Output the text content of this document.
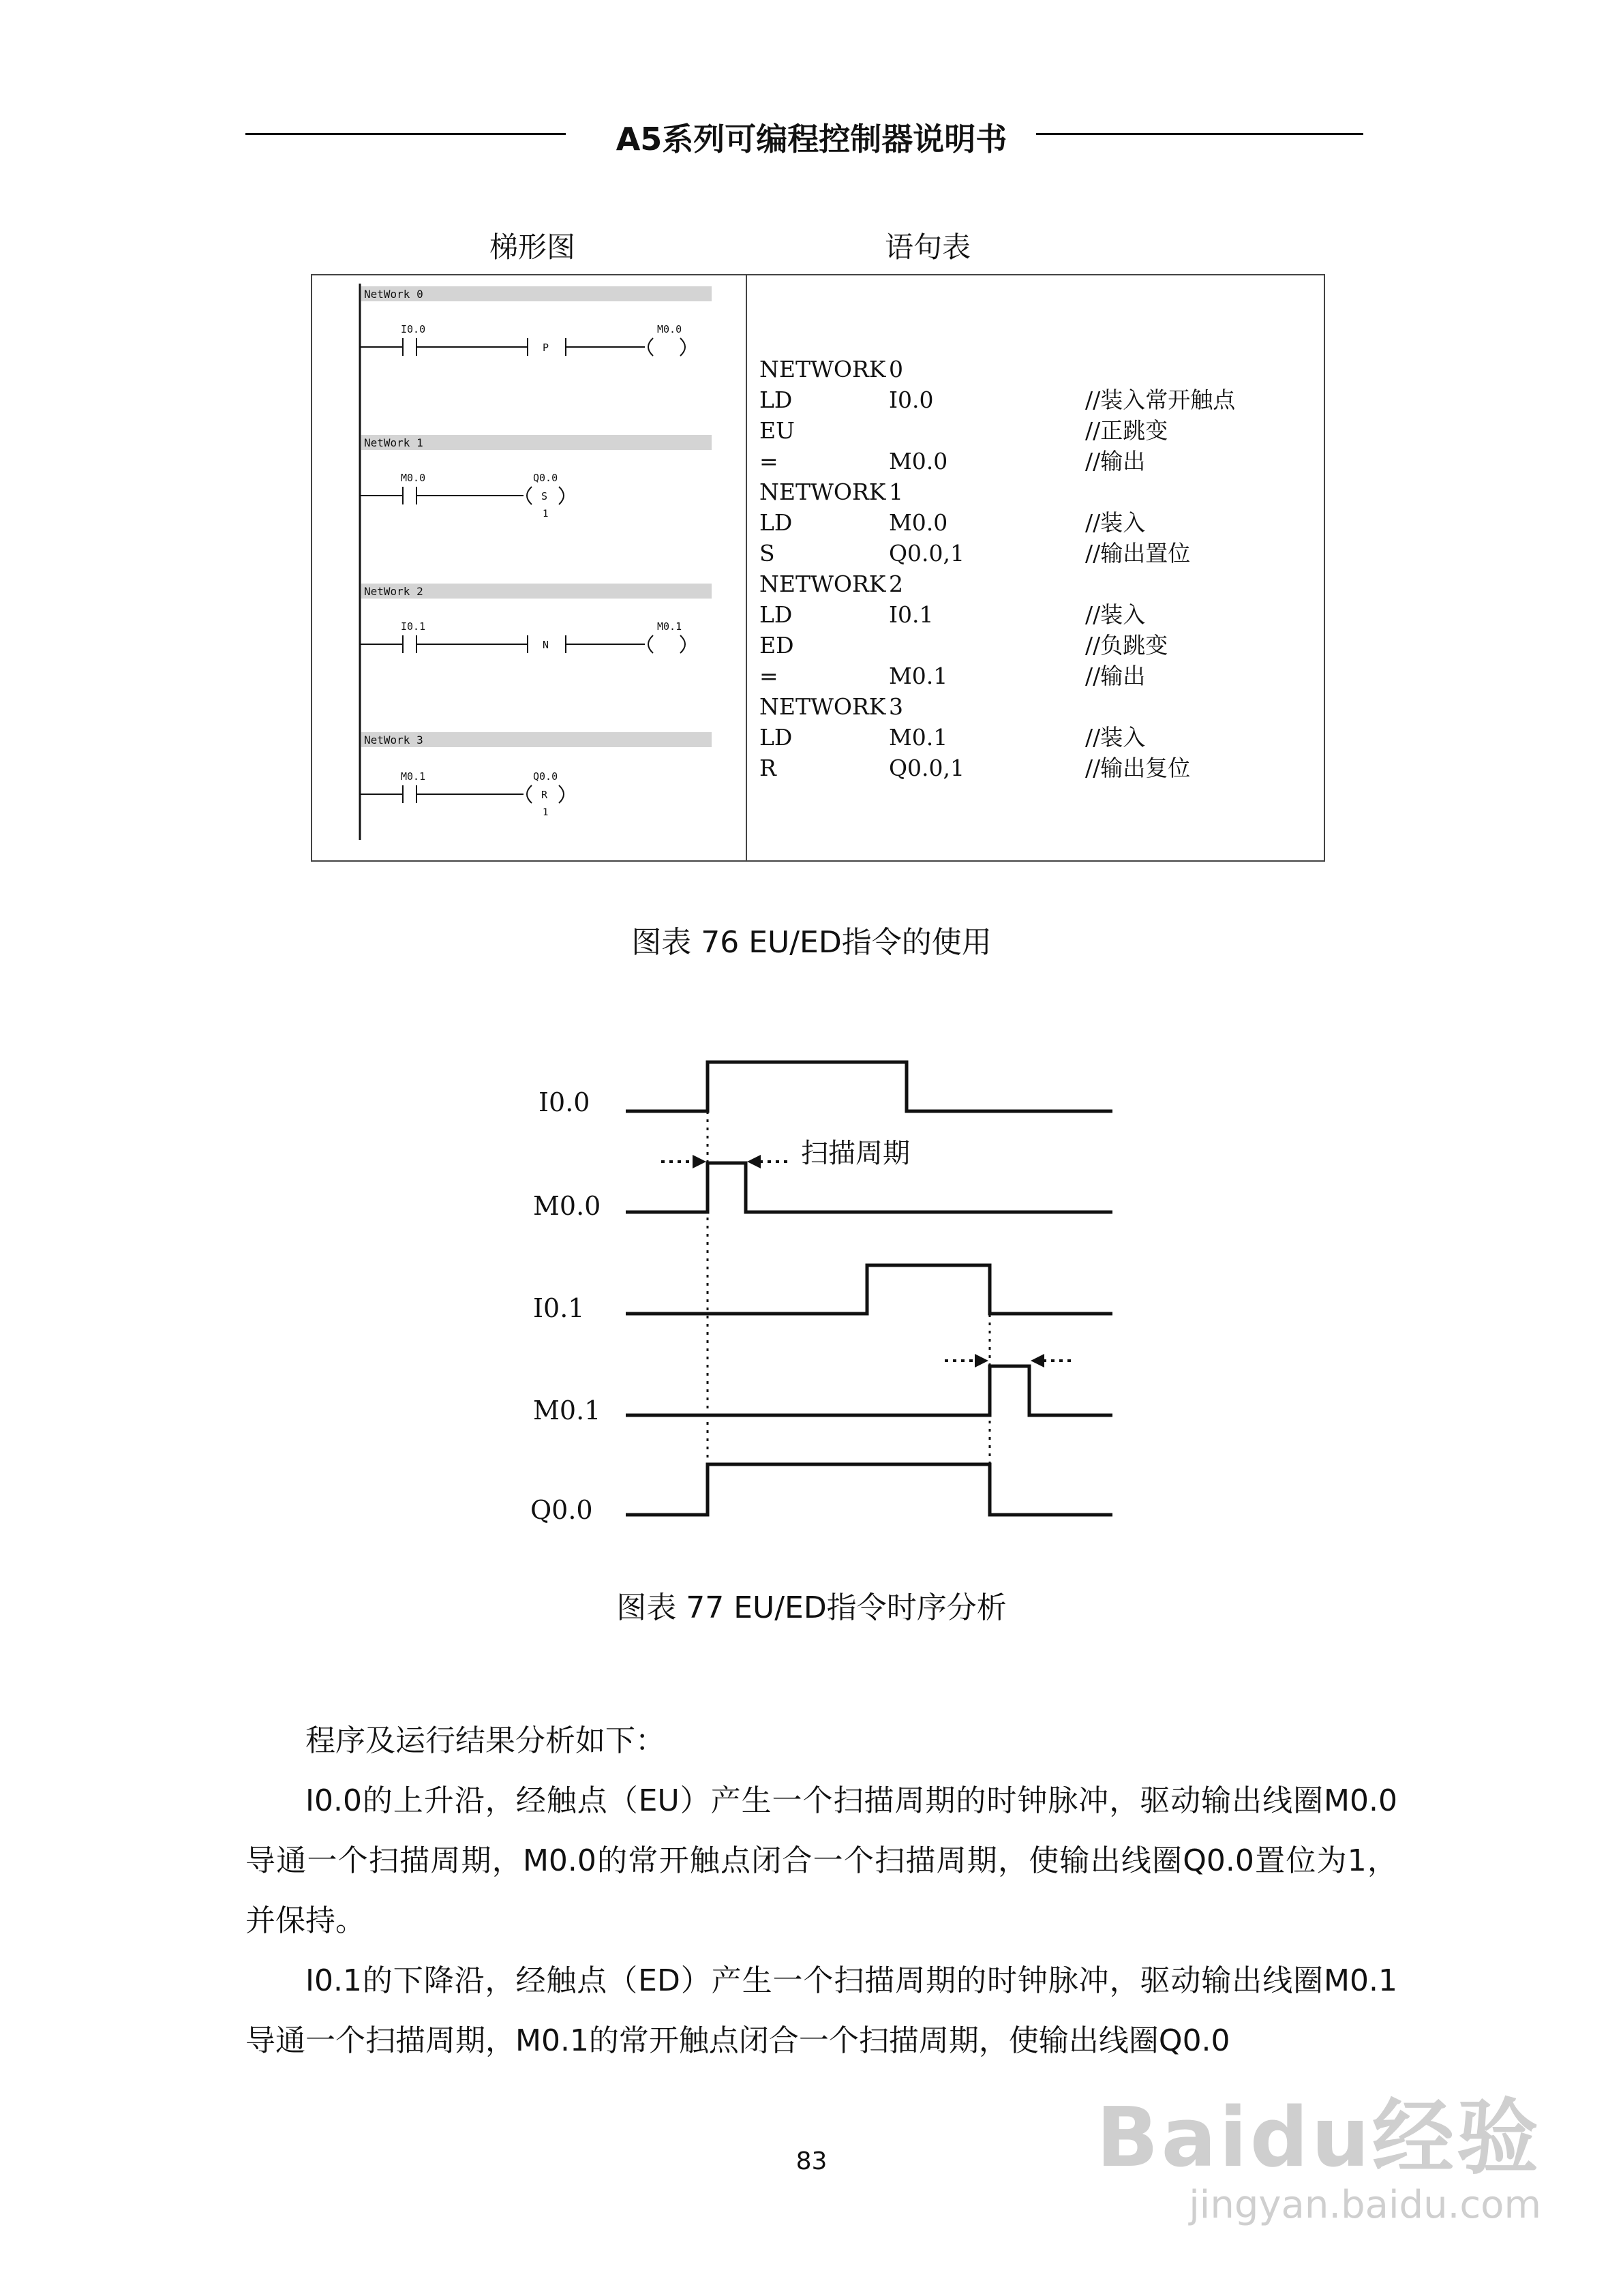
A5系列可编程控制器说明书
梯形图	语句表
NetWork 0
I0.0
P
M0.0
NetWork 1
M0.0	Q0.0
S
1
NetWork 2
I0.1
N
M0.1
NetWork 3
M0.1	Q0.0
R
1
NETWORK 0
LD	I0.0	//装入常开触点
EU	//正跳变
=	M0.0	//输出
NETWORK 1
LD	M0.0	//装入
S	Q0.0,1	//输出置位
NETWORK 2
LD	I0.1	//装入
ED	//负跳变
=	M0.1	//输出
NETWORK 3
LD	M0.1	//装入
R	Q0.0,1	//输出复位
图表 76 EU/ED指令的使用
I0.0
M0.0
I0.1
M0.1
Q0.0
扫描周期
图表 77 EU/ED指令时序分析

程序及运行结果分析如下：

I0.0的上升沿，经触点（EU）产生一个扫描周期的时钟脉冲，驱动输出线圈M0.0导通一个扫描周期，M0.0的常开触点闭合一个扫描周期，使输出线圈Q0.0置位为1，并保持。

I0.1的下降沿，经触点（ED）产生一个扫描周期的时钟脉冲，驱动输出线圈M0.1导通一个扫描周期，M0.1的常开触点闭合一个扫描周期，使输出线圈Q0.0

83	Baidu经验
jingyan.baidu.com
